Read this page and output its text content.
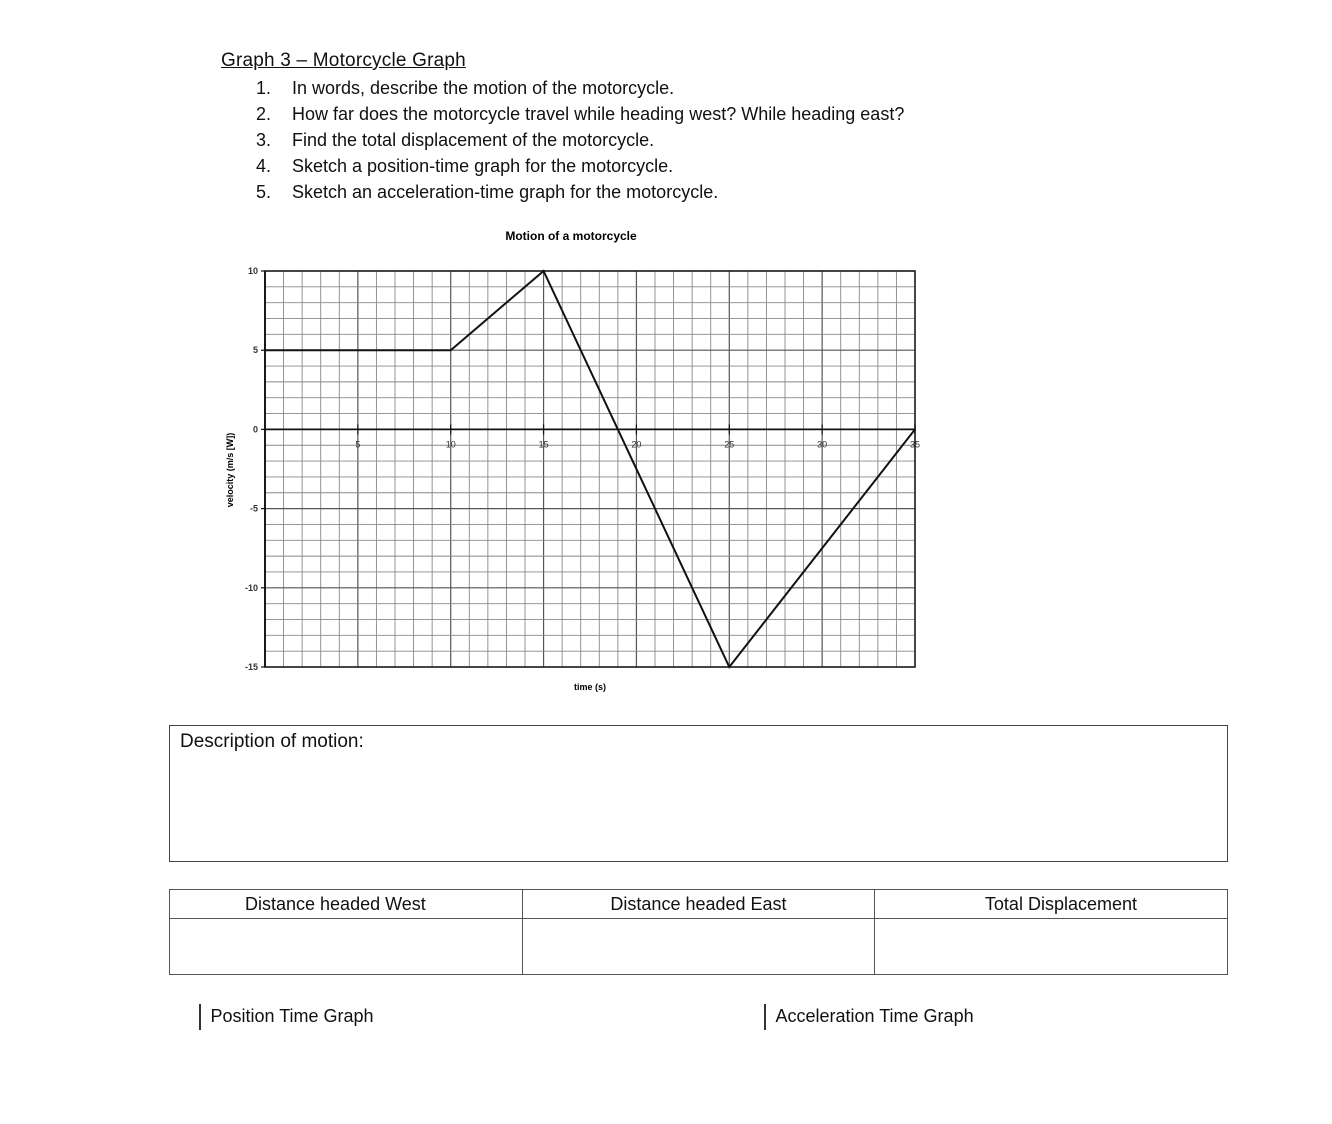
Graph 3 – Motorcycle Graph
1. In words, describe the motion of the motorcycle.
2. How far does the motorcycle travel while heading west? While heading east?
3. Find the total displacement of the motorcycle.
4. Sketch a position-time graph for the motorcycle.
5. Sketch an acceleration-time graph for the motorcycle.
Motion of a motorcycle
5	10	15	20	25	30	35
10
5
0
-5
-10
-15
time (s)
velocity (m/s [W])
Description of motion:
Distance headed West	Distance headed East	Total Displacement

Position Time Graph	Acceleration Time Graph
